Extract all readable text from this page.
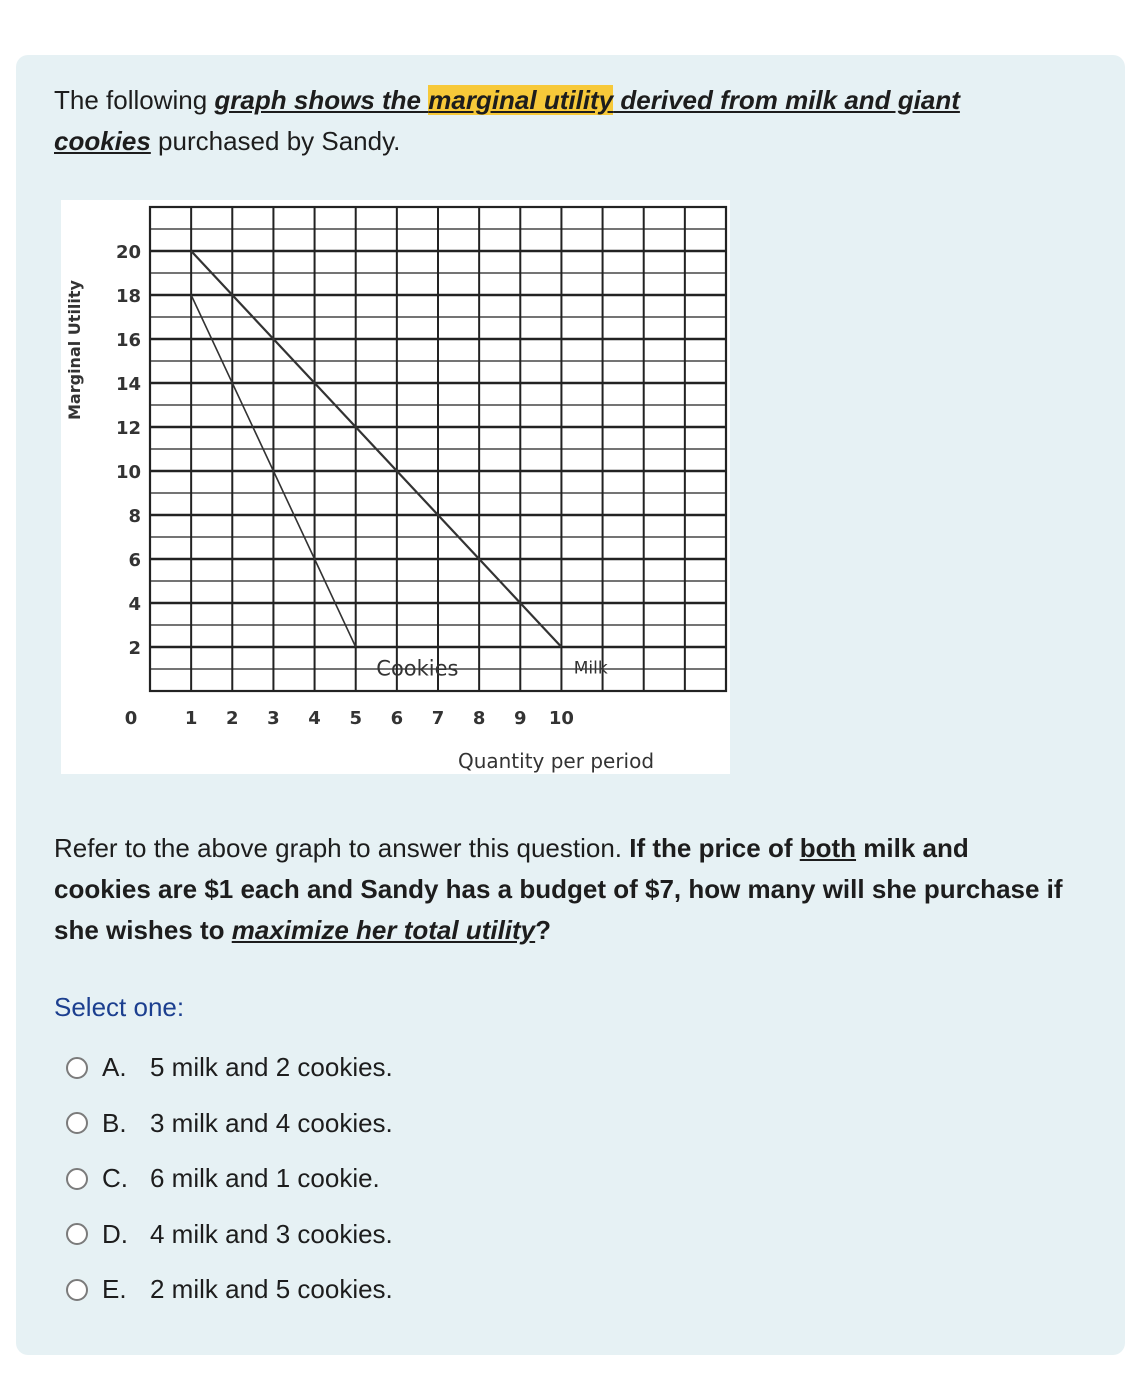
The following graph shows the marginal utility derived from milk and giant
cookies purchased by Sandy.

Cookies	Milk
20
18
16
14
12
10
8
6
4
2
0	1 2 3 4 5 6 7 8 9 10
Quantity per period
Marginal Utility

Refer to the above graph to answer this question. If the price of both milk and cookies are $1 each and Sandy has a budget of $7, how many will she purchase if she wishes to maximize her total utility?

Select one:
A. 5 milk and 2 cookies.
B. 3 milk and 4 cookies.
C. 6 milk and 1 cookie.
D. 4 milk and 3 cookies.
E. 2 milk and 5 cookies.
